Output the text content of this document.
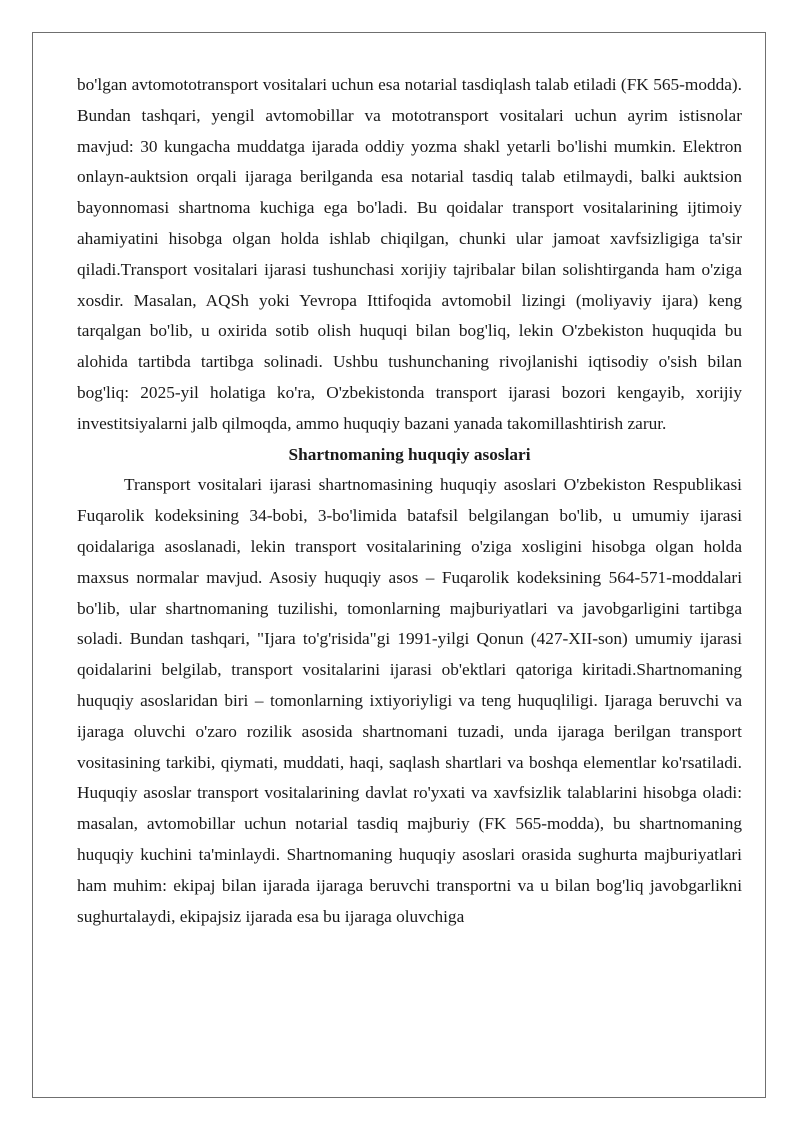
bo'lgan avtomototransport vositalari uchun esa notarial tasdiqlash talab etiladi (FK 565-modda). Bundan tashqari, yengil avtomobillar va mototransport vositalari uchun ayrim istisnolar mavjud: 30 kungacha muddatga ijarada oddiy yozma shakl yetarli bo'lishi mumkin. Elektron onlayn-auktsion orqali ijaraga berilganda esa notarial tasdiq talab etilmaydi, balki auktsion bayonnomasi shartnoma kuchiga ega bo'ladi. Bu qoidalar transport vositalarining ijtimoiy ahamiyatini hisobga olgan holda ishlab chiqilgan, chunki ular jamoat xavfsizligiga ta'sir qiladi.Transport vositalari ijarasi tushunchasi xorijiy tajribalar bilan solishtirganda ham o'ziga xosdir. Masalan, AQSh yoki Yevropa Ittifoqida avtomobil lizingi (moliyaviy ijara) keng tarqalgan bo'lib, u oxirida sotib olish huquqi bilan bog'liq, lekin O'zbekiston huquqida bu alohida tartibda tartibga solinadi. Ushbu tushunchaning rivojlanishi iqtisodiy o'sish bilan bog'liq: 2025-yil holatiga ko'ra, O'zbekistonda transport ijarasi bozori kengayib, xorijiy investitsiyalarni jalb qilmoqda, ammo huquqiy bazani yanada takomillashtirish zarur.

Shartnomaning huquqiy asoslari

Transport vositalari ijarasi shartnomasining huquqiy asoslari O'zbekiston Respublikasi Fuqarolik kodeksining 34-bobi, 3-bo'limida batafsil belgilangan bo'lib, u umumiy ijarasi qoidalariga asoslanadi, lekin transport vositalarining o'ziga xosligini hisobga olgan holda maxsus normalar mavjud. Asosiy huquqiy asos – Fuqarolik kodeksining 564-571-moddalari bo'lib, ular shartnomaning tuzilishi, tomonlarning majburiyatlari va javobgarligini tartibga soladi. Bundan tashqari, "Ijara to'g'risida"gi 1991-yilgi Qonun (427-XII-son) umumiy ijarasi qoidalarini belgilab, transport vositalarini ijarasi ob'ektlari qatoriga kiritadi.Shartnomaning huquqiy asoslaridan biri – tomonlarning ixtiyoriyligi va teng huquqliligi. Ijaraga beruvchi va ijaraga oluvchi o'zaro rozilik asosida shartnomani tuzadi, unda ijaraga berilgan transport vositasining tarkibi, qiymati, muddati, haqi, saqlash shartlari va boshqa elementlar ko'rsatiladi. Huquqiy asoslar transport vositalarining davlat ro'yxati va xavfsizlik talablarini hisobga oladi: masalan, avtomobillar uchun notarial tasdiq majburiy (FK 565-modda), bu shartnomaning huquqiy kuchini ta'minlaydi. Shartnomaning huquqiy asoslari orasida sughurta majburiyatlari ham muhim: ekipaj bilan ijarada ijaraga beruvchi transportni va u bilan bog'liq javobgarlikni sughurtalaydi, ekipajsiz ijarada esa bu ijaraga oluvchiga
